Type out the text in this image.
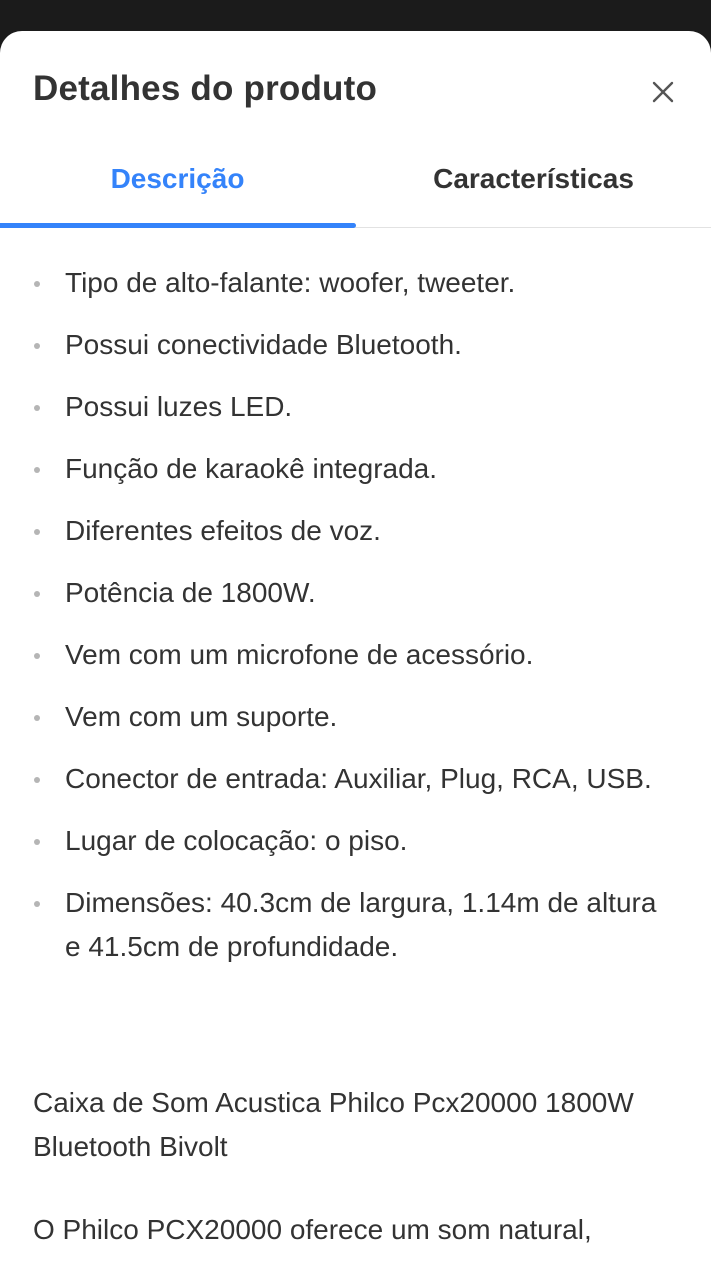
Detalhes do produto
Descrição	Características
Tipo de alto-falante: woofer, tweeter.
Possui conectividade Bluetooth.
Possui luzes LED.
Função de karaokê integrada.
Diferentes efeitos de voz.
Potência de 1800W.
Vem com um microfone de acessório.
Vem com um suporte.
Conector de entrada: Auxiliar, Plug, RCA, USB.
Lugar de colocação: o piso.
Dimensões: 40.3cm de largura, 1.14m de altura e 41.5cm de profundidade.
Caixa de Som Acustica Philco Pcx20000 1800W Bluetooth Bivolt
O Philco PCX20000 oferece um som natural,
